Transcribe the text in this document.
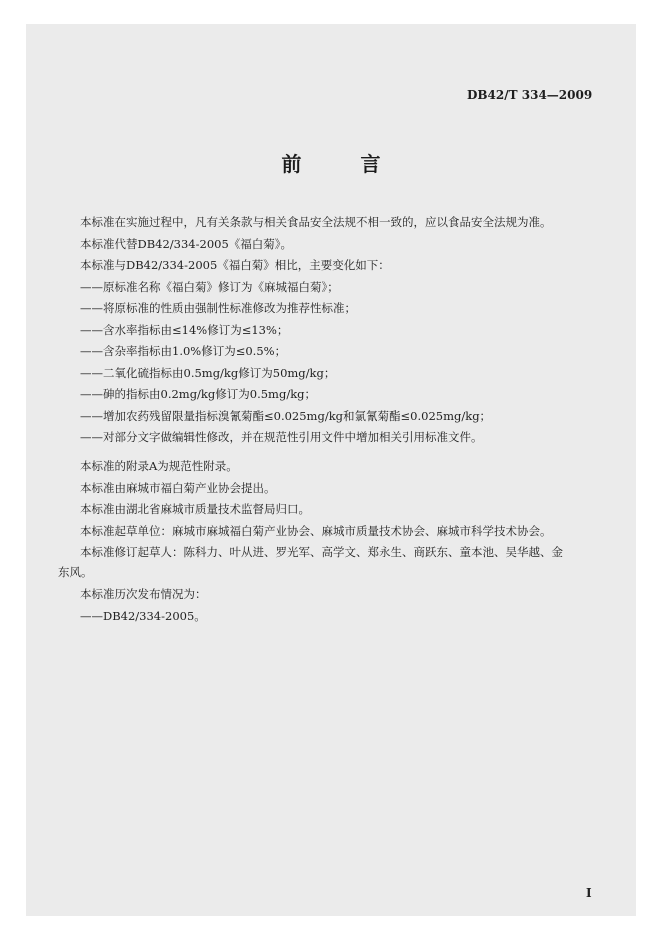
DB42/T 334—2009
前 言
本标准在实施过程中，凡有关条款与相关食品安全法规不相一致的，应以食品安全法规为准。
本标准代替DB42/334-2005《福白菊》。
本标准与DB42/334-2005《福白菊》相比，主要变化如下：
——原标准名称《福白菊》修订为《麻城福白菊》；
——将原标准的性质由强制性标准修改为推荐性标准；
——含水率指标由≤14%修订为≤13%；
——含杂率指标由1.0%修订为≤0.5%；
——二氧化硫指标由0.5mg/kg修订为50mg/kg；
——砷的指标由0.2mg/kg修订为0.5mg/kg；
——增加农药残留限量指标溴氰菊酯≤0.025mg/kg和氯氰菊酯≤0.025mg/kg；
——对部分文字做编辑性修改，并在规范性引用文件中增加相关引用标准文件。
本标准的附录A为规范性附录。
本标准由麻城市福白菊产业协会提出。
本标准由湖北省麻城市质量技术监督局归口。
本标准起草单位：麻城市麻城福白菊产业协会、麻城市质量技术协会、麻城市科学技术协会。
本标准修订起草人：陈科力、叶从进、罗光军、高学文、郑永生、商跃东、童本池、吴华越、金
东风。
本标准历次发布情况为：
——DB42/334-2005。
I
